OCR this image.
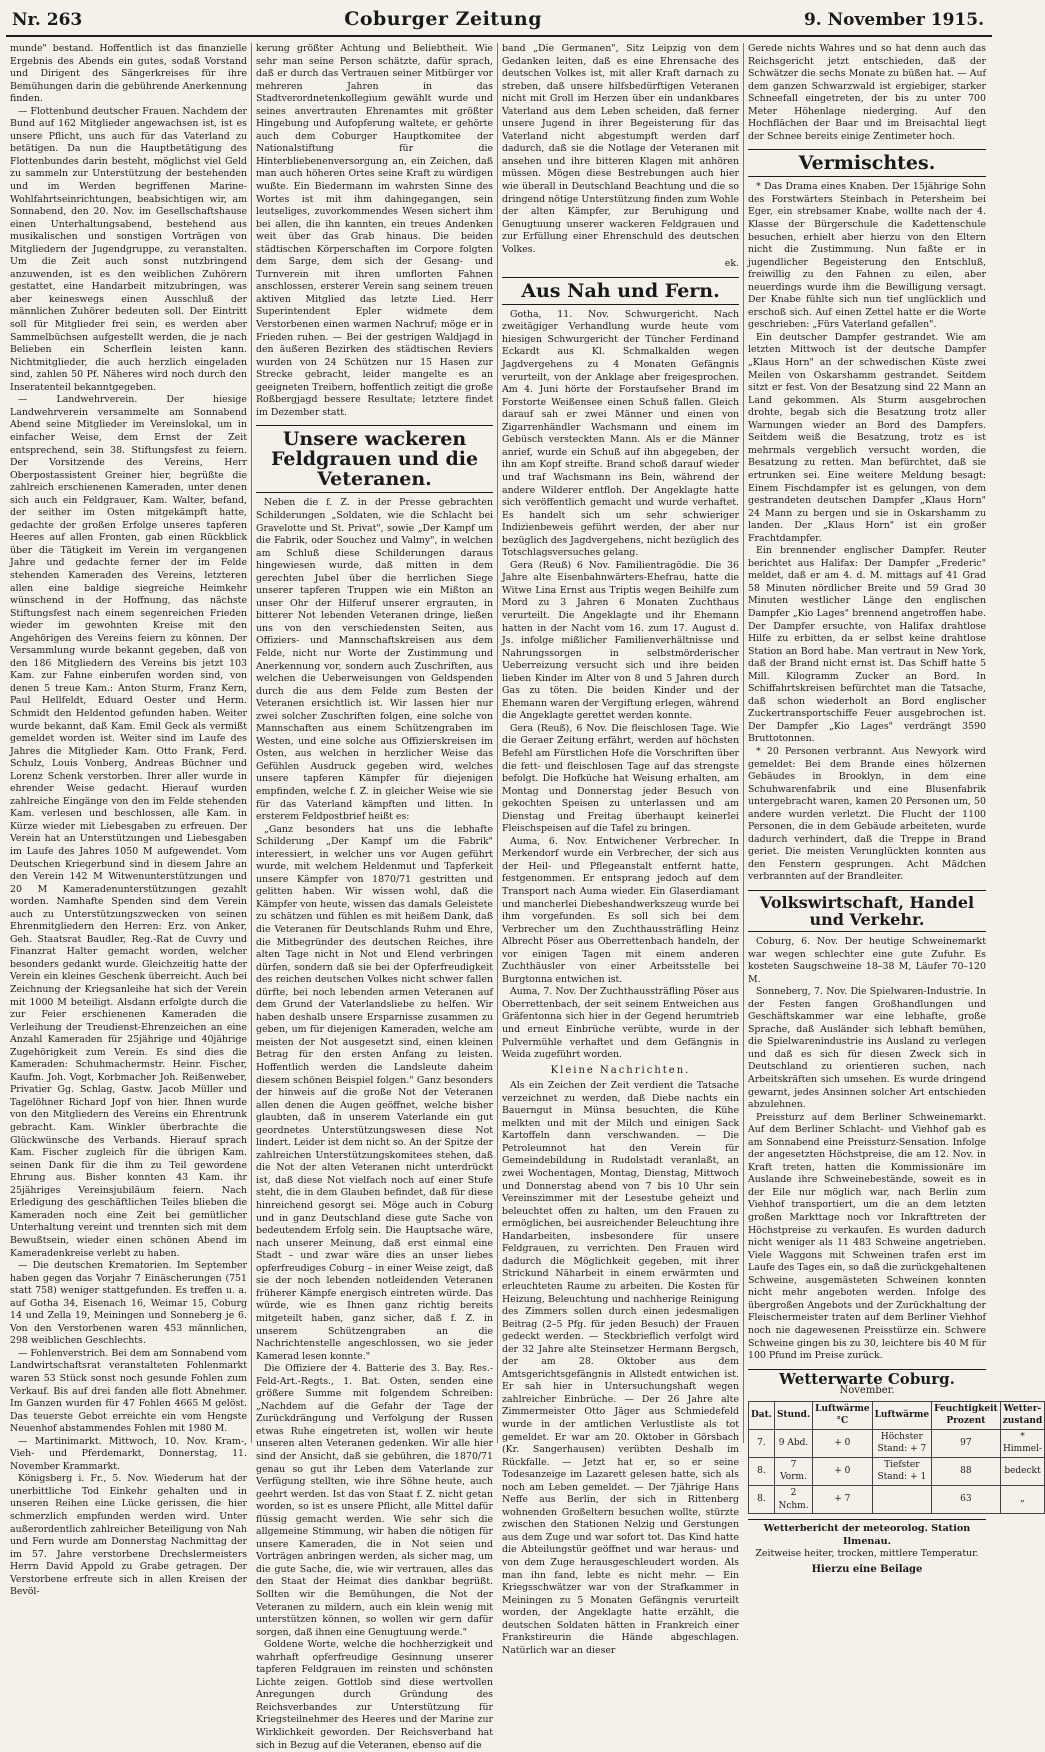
Nr. 263	Coburger Zeitung	9. November 1915.

munde" bestand. Hoffentlich ist das finanzielle Ergebnis des Abends ein gutes, sodaß Vorstand und Dirigent des Sängerkreises für ihre Bemühungen darin die gebührende Anerkennung finden.

— Flottenbund deutscher Frauen. Nachdem der Bund auf 162 Mitglieder angewachsen ist, ist es unsere Pflicht, uns auch für das Vaterland zu betätigen. Da nun die Hauptbetätigung des Flottenbundes darin besteht, möglichst viel Geld zu sammeln zur Unterstützung der bestehenden und im Werden begriffenen Marine-Wohlfahrtseinrichtungen, beabsichtigen wir, am Sonnabend, den 20. Nov. im Gesellschaftshause einen Unterhaltungsabend, bestehend aus musikalischen und sonstigen Vorträgen von Mitgliedern der Jugendgruppe, zu veranstalten. Um die Zeit auch sonst nutzbringend anzuwenden, ist es den weiblichen Zuhörern gestattet, eine Handarbeit mitzubringen, was aber keineswegs einen Ausschluß der männlichen Zuhörer bedeuten soll. Der Eintritt soll für Mitglieder frei sein, es werden aber Sammelbüchsen aufgestellt werden, die je nach Belieben ein Scherflein leisten kann. Nichtmitglieder, die auch herzlich eingeladen sind, zahlen 50 Pf. Näheres wird noch durch den Inseratenteil bekanntgegeben.

— Landwehrverein. Der hiesige Landwehrverein versammelte am Sonnabend Abend seine Mitglieder im Vereinslokal, um in einfacher Weise, dem Ernst der Zeit entsprechend, sein 38. Stiftungsfest zu feiern. Der Vorsitzende des Vereins, Herr Oberpostassistent Greiner hier, begrüßte die zahlreich erschienenen Kameraden, unter denen sich auch ein Feldgrauer, Kam. Walter, befand, der seither im Osten mitgekämpft hatte, gedachte der großen Erfolge unseres tapferen Heeres auf allen Fronten, gab einen Rückblick über die Tätigkeit im Verein im vergangenen Jahre und gedachte ferner der im Felde stehenden Kameraden des Vereins, letzteren allen eine baldige siegreiche Heimkehr wünschend in der Hoffnung, das nächste Stiftungsfest nach einem segenreichen Frieden wieder im gewohnten Kreise mit den Angehörigen des Vereins feiern zu können. Der Versammlung wurde bekannt gegeben, daß von den 186 Mitgliedern des Vereins bis jetzt 103 Kam. zur Fahne einberufen worden sind, von denen 5 treue Kam.: Anton Sturm, Franz Kern, Paul Hellfeldt, Eduard Oester und Herm. Schmidt den Heldentod gefunden haben. Weiter wurde bekannt, daß Kam. Emil Geck als vermißt gemeldet worden ist. Weiter sind im Laufe des Jahres die Mitglieder Kam. Otto Frank, Ferd. Schulz, Louis Vonberg, Andreas Büchner und Lorenz Schenk verstorben. Ihrer aller wurde in ehrender Weise gedacht. Hierauf wurden zahlreiche Eingänge von den im Felde stehenden Kam. verlesen und beschlossen, alle Kam. in Kürze wieder mit Liebesgaben zu erfreuen. Der Verein hat an Unterstützungen und Liebesgaben im Laufe des Jahres 1050 M aufgewendet. Vom Deutschen Kriegerbund sind in diesem Jahre an den Verein 142 M Witwenunterstützungen und 20 M Kameradenunterstützungen gezahlt worden. Namhafte Spenden sind dem Verein auch zu Unterstützungszwecken von seinen Ehrenmitgliedern den Herren: Erz. von Anker, Geh. Staatsrat Baudler, Reg.-Rat de Cuvry und Finanzrat Halter gemacht worden, welcher besonders gedankt wurde. Gleichzeitig hatte der Verein ein kleines Geschenk überreicht. Auch bei Zeichnung der Kriegsanleihe hat sich der Verein mit 1000 M beteiligt. Alsdann erfolgte durch die zur Feier erschienenen Kameraden die Verleihung der Treudienst-Ehrenzeichen an eine Anzahl Kameraden für 25jährige und 40jährige Zugehörigkeit zum Verein. Es sind dies die Kameraden: Schuhmachermstr. Heinr. Fischer, Kaufm. Joh. Vogt, Korbmacher Joh. Reißenweber, Privatier Gg. Schlag, Gastw. Jacob Müller und Tagelöhner Richard Jopf von hier. Ihnen wurde von den Mitgliedern des Vereins ein Ehrentrunk gebracht. Kam. Winkler überbrachte die Glückwünsche des Verbands. Hierauf sprach Kam. Fischer zugleich für die übrigen Kam. seinen Dank für die ihm zu Teil gewordene Ehrung aus. Bisher konnten 43 Kam. ihr 25jähriges Vereinsjubiläum feiern. Nach Erledigung des geschäftlichen Teiles blieben die Kameraden noch eine Zeit bei gemütlicher Unterhaltung vereint und trennten sich mit dem Bewußtsein, wieder einen schönen Abend im Kameradenkreise verlebt zu haben.

— Die deutschen Krematorien. Im September haben gegen das Vorjahr 7 Einäscherungen (751 statt 758) weniger stattgefunden. Es treffen u. a. auf Gotha 34, Eisenach 16, Weimar 15, Coburg 14 und Zella 19, Meiningen und Sonneberg je 6. Von den Verstorbenen waren 453 männlichen, 298 weiblichen Geschlechts.

— Fohlenverstrich. Bei dem am Sonnabend vom Landwirtschaftsrat veranstalteten Fohlenmarkt waren 53 Stück sonst noch gesunde Fohlen zum Verkauf. Bis auf drei fanden alle flott Abnehmer. Im Ganzen wurden für 47 Fohlen 4665 M gelöst. Das teuerste Gebot erreichte ein vom Hengste Neuenhof abstammendes Fohlen mit 1980 M.

— Martinimarkt. Mittwoch, 10. Nov. Kram-, Vieh- und Pferdemarkt, Donnerstag, 11. November Krammarkt.

Königsberg i. Fr., 5. Nov. Wiederum hat der unerbittliche Tod Einkehr gehalten und in unseren Reihen eine Lücke gerissen, die hier schmerzlich empfunden werden wird. Unter außerordentlich zahlreicher Beteiligung von Nah und Fern wurde am Donnerstag Nachmittag der im 57. Jahre verstorbene Drechslermeisters Herrn David Appold zu Grabe getragen. Der Verstorbene erfreute sich in allen Kreisen der Bevöl-

kerung größter Achtung und Beliebtheit. Wie sehr man seine Person schätzte, dafür sprach, daß er durch das Vertrauen seiner Mitbürger vor mehreren Jahren in das Stadtverordnetenkollegium gewählt wurde und seines anvertrauten Ehrenamtes mit größter Hingebung und Aufopferung waltete, er gehörte auch dem Coburger Hauptkomitee der Nationalstiftung für die Hinterbliebenenversorgung an, ein Zeichen, daß man auch höheren Ortes seine Kraft zu würdigen wußte. Ein Biedermann im wahrsten Sinne des Wortes ist mit ihm dahingegangen, sein leutseliges, zuvorkommendes Wesen sichert ihm bei allen, die ihn kannten, ein treues Andenken weit über das Grab hinaus. Die beiden städtischen Körperschaften im Corpore folgten dem Sarge, dem sich der Gesang- und Turnverein mit ihren umflorten Fahnen anschlossen, ersterer Verein sang seinem treuen aktiven Mitglied das letzte Lied. Herr Superintendent Epler widmete dem Verstorbenen einen warmen Nachruf; möge er in Frieden ruhen. — Bei der gestrigen Waldjagd in den äußeren Bezirken des städtischen Reviers wurden von 24 Schützen nur 15 Hasen zur Strecke gebracht, leider mangelte es an geeigneten Treibern, hoffentlich zeitigt die große Roßbergjagd bessere Resultate; letztere findet im Dezember statt.

Unsere wackeren Feldgrauen und die Veteranen.

Neben die f. Z. in der Presse gebrachten Schilderungen „Soldaten, wie die Schlacht bei Gravelotte und St. Privat", sowie „Der Kampf um die Fabrik, oder Souchez und Valmy", in welchen am Schluß diese Schilderungen daraus hingewiesen wurde, daß mitten in dem gerechten Jubel über die herrlichen Siege unserer tapferen Truppen wie ein Mißton an unser Ohr der Hilferuf unserer ergrauten, in bitterer Not lebenden Veteranen dringe, ließen uns von den verschiedensten Seiten, aus Offiziers- und Mannschaftskreisen aus dem Felde, nicht nur Worte der Zustimmung und Anerkennung vor, sondern auch Zuschriften, aus welchen die Ueberweisungen von Geldspenden durch die aus dem Felde zum Besten der Veteranen ersichtlich ist. Wir lassen hier nur zwei solcher Zuschriften folgen, eine solche von Mannschaften aus einem Schützengraben im Westen, und eine solche aus Offizierskreisen im Osten, aus welchen in herzlicher Weise das Gefühlen Ausdruck gegeben wird, welches unsere tapferen Kämpfer für diejenigen empfinden, welche f. Z. in gleicher Weise wie sie für das Vaterland kämpften und litten. In ersterem Feldpostbrief heißt es:

„Ganz besonders hat uns die lebhafte Schilderung „Der Kampf um die Fabrik" interessiert, in welcher uns vor Augen geführt wurde, mit welchem Heldenmut und Tapferkeit unsere Kämpfer von 1870/71 gestritten und gelitten haben. Wir wissen wohl, daß die Kämpfer von heute, wissen das damals Geleistete zu schätzen und fühlen es mit heißem Dank, daß die Veteranen für Deutschlands Ruhm und Ehre, die Mitbegründer des deutschen Reiches, ihre alten Tage nicht in Not und Elend verbringen dürfen, sondern daß sie bei der Opferfreudigkeit des reichen deutschen Volkes nicht schwer fallen dürfte, bei noch lebenden armen Veteranen auf dem Grund der Vaterlandsliebe zu helfen. Wir haben deshalb unsere Ersparnisse zusammen zu geben, um für diejenigen Kameraden, welche am meisten der Not ausgesetzt sind, einen kleinen Betrag für den ersten Anfang zu leisten. Hoffentlich werden die Landsleute daheim diesem schönen Beispiel folgen." Ganz besonders der hinweis auf die große Not der Veteranen allen denen die Augen geöffnet, welche bisher glaubten, daß in unserem Vaterlande ein gut geordnetes Unterstützungswesen diese Not lindert. Leider ist dem nicht so. An der Spitze der zahlreichen Unterstützungskomitees stehen, daß die Not der alten Veteranen nicht unterdrückt ist, daß diese Not vielfach noch auf einer Stufe steht, die in dem Glauben befindet, daß für diese hinreichend gesorgt sei. Möge auch in Coburg und in ganz Deutschland diese gute Sache von bedeutendem Erfolg sein. Die Hauptsache wäre, nach unserer Meinung, daß erst einmal eine Stadt – und zwar wäre dies an unser liebes opferfreudiges Coburg – in einer Weise zeigt, daß sie der noch lebenden notleidenden Veteranen früherer Kämpfe energisch eintreten würde. Das würde, wie es Ihnen ganz richtig bereits mitgeteilt haben, ganz sicher, daß f. Z. in unserem Schützengraben an die Nachrichtenstelle angeschlossen, wo sie jeder Kamerad lesen konnte."

Die Offiziere der 4. Batterie des 3. Bay. Res.-Feld-Art.-Regts., 1. Bat. Osten, senden eine größere Summe mit folgendem Schreiben: „Nachdem auf die Gefahr der Tage der Zurückdrängung und Verfolgung der Russen etwas Ruhe eingetreten ist, wollen wir heute unseren alten Veteranen gedenken. Wir alle hier sind der Ansicht, daß sie gebühren, die 1870/71 genau so gut ihr Leben dem Vaterlande zur Verfügung stellten, wie ihre Söhne heute, auch geehrt werden. Ist das von Staat f. Z. nicht getan worden, so ist es unsere Pflicht, alle Mittel dafür flüssig gemacht werden. Wie sehr sich die allgemeine Stimmung, wir haben die nötigen für unsere Kameraden, die in Not seien und Vorträgen anbringen werden, als sicher mag, um die gute Sache, die, wie wir vertrauen, alles das den Staat der Heimat dies dankbar begrüßt. Sollten wir die Bemühungen, die Not der Veteranen zu mildern, auch ein klein wenig mit unterstützen können, so wollen wir gern dafür sorgen, daß ihnen eine Genugtuung werde."

Goldene Worte, welche die hochherzigkeit und wahrhaft opferfreudige Gesinnung unserer tapferen Feldgrauen im reinsten und schönsten Lichte zeigen. Gottlob sind diese wertvollen Anregungen durch Gründung des Reichsverbandes zur Unterstützung für Kriegsteilnehmer des Heeres und der Marine zur Wirklichkeit geworden. Der Reichsverband hat sich in Bezug auf die Veteranen, ebenso auf die

band „Die Germanen", Sitz Leipzig von dem Gedanken leiten, daß es eine Ehrensache des deutschen Volkes ist, mit aller Kraft darnach zu streben, daß unsere hilfsbedürftigen Veteranen nicht mit Groll im Herzen über ein undankbares Vaterland aus dem Leben scheiden, daß ferner unsere Jugend in ihrer Begeisterung für das Vaterland nicht abgestumpft werden darf dadurch, daß sie die Notlage der Veteranen mit ansehen und ihre bitteren Klagen mit anhören müssen. Mögen diese Bestrebungen auch hier wie überall in Deutschland Beachtung und die so dringend nötige Unterstützung finden zum Wohle der alten Kämpfer, zur Beruhigung und Genugtuung unserer wackeren Feldgrauen und zur Erfüllung einer Ehrenschuld des deutschen Volkes.

ek.
Aus Nah und Fern.

Gotha, 11. Nov. Schwurgericht. Nach zweitägiger Verhandlung wurde heute vom hiesigen Schwurgericht der Tüncher Ferdinand Eckardt aus Kl. Schmalkalden wegen Jagdvergehens zu 4 Monaten Gefängnis verurteilt, von der Anklage aber freigesprochen. Am 4. Juni hörte der Forstaufseher Brand im Forstorte Weißensee einen Schuß fallen. Gleich darauf sah er zwei Männer und einen von Zigarrenhändler Wachsmann und einem im Gebüsch versteckten Mann. Als er die Männer anrief, wurde ein Schuß auf ihn abgegeben, der ihn am Kopf streifte. Brand schoß darauf wieder und traf Wachsmann ins Bein, während der andere Wilderer entfloh. Der Angeklagte hatte sich veröffentlich gemacht und wurde verhaftet. Es handelt sich um sehr schwieriger Indizienbeweis geführt werden, der aber nur bezüglich des Jagdvergehens, nicht bezüglich des Totschlagsversuches gelang.

Gera (Reuß) 6 Nov. Familientragödie. Die 36 Jahre alte Eisenbahnwärters-Ehefrau, hatte die Witwe Lina Ernst aus Triptis wegen Beihilfe zum Mord zu 3 Jahren 6 Monaten Zuchthaus verurteilt. Die Angeklagte und ihr Ehemann hatten in der Nacht vom 16. zum 17. August d. Js. infolge mißlicher Familienverhältnisse und Nahrungssorgen in selbstmörderischer Ueberreizung versucht sich und ihre beiden lieben Kinder im Alter von 8 und 5 Jahren durch Gas zu töten. Die beiden Kinder und der Ehemann waren der Vergiftung erlegen, während die Angeklagte gerettet werden konnte.

Gera (Reuß), 6 Nov. Die fleischlosen Tage. Wie die Geraer Zeitung erfährt, werden auf höchsten Befehl am Fürstlichen Hofe die Vorschriften über die fett- und fleischlosen Tage auf das strengste befolgt. Die Hofküche hat Weisung erhalten, am Montag und Donnerstag jeder Besuch von gekochten Speisen zu unterlassen und am Dienstag und Freitag überhaupt keinerlei Fleischspeisen auf die Tafel zu bringen.

Auma, 6. Nov. Entwichener Verbrecher. In Merkendorf wurde ein Verbrecher, der sich aus der Heil- und Pflegeanstalt entfernt hatte, festgenommen. Er entsprang jedoch auf dem Transport nach Auma wieder. Ein Glaserdiamant und mancherlei Diebeshandwerkszeug wurde bei ihm vorgefunden. Es soll sich bei dem Verbrecher um den Zuchthaussträfling Heinz Albrecht Pöser aus Oberrettenbach handeln, der vor einigen Tagen mit einem anderen Zuchthäusler von einer Arbeitsstelle bei Burgtonna entwichen ist.

Auma, 7. Nov. Der Zuchthaussträfling Pöser aus Oberrettenbach, der seit seinem Entweichen aus Gräfentonna sich hier in der Gegend herumtrieb und erneut Einbrüche verübte, wurde in der Pulvermühle verhaftet und dem Gefängnis in Weida zugeführt worden.

Kleine Nachrichten.

Als ein Zeichen der Zeit verdient die Tatsache verzeichnet zu werden, daß Diebe nachts ein Bauerngut in Münsa besuchten, die Kühe melkten und mit der Milch und einigen Sack Kartoffeln dann verschwanden. — Die Petroleumnot hat den Verein für Gemeindebildung in Rudolstadt veranlaßt, an zwei Wochentagen, Montag, Dienstag, Mittwoch und Donnerstag abend von 7 bis 10 Uhr sein Vereinszimmer mit der Lesestube geheizt und beleuchtet offen zu halten, um den Frauen zu ermöglichen, bei ausreichender Beleuchtung ihre Handarbeiten, insbesondere für unsere Feldgrauen, zu verrichten. Den Frauen wird dadurch die Möglichkeit gegeben, mit ihrer Strickund Näharbeit in einem erwärmten und erleuchteten Raume zu arbeiten. Die Kosten für Heizung, Beleuchtung und nachherige Reinigung des Zimmers sollen durch einen jedesmaligen Beitrag (2–5 Pfg. für jeden Besuch) der Frauen gedeckt werden. — Steckbrieflich verfolgt wird der 32 Jahre alte Steinsetzer Hermann Bergsch, der am 28. Oktober aus dem Amtsgerichtsgefängnis in Allstedt entwichen ist. Er sah hier in Untersuchungshaft wegen zahlreicher Einbrüche. — Der 26 Jahre alte Zimmermeister Otto Jäger aus Schmiedefeld wurde in der amtlichen Verlustliste als tot gemeldet. Er war am 20. Oktober in Görsbach (Kr. Sangerhausen) verübten Deshalb im Rückfalle. — Jetzt hat er, so er seine Todesanzeige im Lazarett gelesen hatte, sich als noch am Leben gemeldet. — Der 7jährige Hans Neffe aus Berlin, der sich in Rittenberg wohnenden Großeltern besuchen wollte, stürzte zwischen den Stationen Nelzig und Gerstungen aus dem Zuge und war sofort tot. Das Kind hatte die Abteilungstür geöffnet und war heraus- und von dem Zuge herausgeschleudert worden. Als man ihn fand, lebte es nicht mehr. — Ein Kriegsschwätzer war von der Strafkammer in Meiningen zu 5 Monaten Gefängnis verurteilt worden, der Angeklagte hatte erzählt, die deutschen Soldaten hätten in Frankreich einer Frankstireurin die Hände abgeschlagen. Natürlich war an dieser

Gerede nichts Wahres und so hat denn auch das Reichsgericht jetzt entschieden, daß der Schwätzer die sechs Monate zu büßen hat. — Auf dem ganzen Schwarzwald ist ergiebiger, starker Schneefall eingetreten, der bis zu unter 700 Meter Höhenlage niederging. Auf den Hochflächen der Baar und im Breisachtal liegt der Schnee bereits einige Zentimeter hoch.

Vermischtes.

* Das Drama eines Knaben. Der 15jährige Sohn des Forstwärters Steinbach in Petersheim bei Eger, ein strebsamer Knabe, wollte nach der 4. Klasse der Bürgerschule die Kadettenschule besuchen, erhielt aber hierzu von den Eltern nicht die Zustimmung. Nun faßte er in jugendlicher Begeisterung den Entschluß, freiwillig zu den Fahnen zu eilen, aber neuerdings wurde ihm die Bewilligung versagt. Der Knabe fühlte sich nun tief unglücklich und erschoß sich. Auf einen Zettel hatte er die Worte geschrieben: „Fürs Vaterland gefallen".

Ein deutscher Dampfer gestrandet. Wie am letzten Mittwoch ist der deutsche Dampfer „Klaus Horn" an der schwedischen Küste zwei Meilen von Oskarshamm gestrandet. Seitdem sitzt er fest. Von der Besatzung sind 22 Mann an Land gekommen. Als Sturm ausgebrochen drohte, begab sich die Besatzung trotz aller Warnungen wieder an Bord des Dampfers. Seitdem weiß die Besatzung, trotz es ist mehrmals vergeblich versucht worden, die Besatzung zu retten. Man befürchtet, daß sie ertrunken sei. Eine weitere Meldung besagt: Einem Fischdampfer ist es gelungen, von dem gestrandeten deutschen Dampfer „Klaus Horn" 24 Mann zu bergen und sie in Oskarshamm zu landen. Der „Klaus Horn" ist ein großer Frachtdampfer.

Ein brennender englischer Dampfer. Reuter berichtet aus Halifax: Der Dampfer „Frederic" meldet, daß er am 4. d. M. mittags auf 41 Grad 58 Minuten nördlicher Breite und 59 Grad 30 Minuten westlicher Länge den englischen Dampfer „Kio Lages" brennend angetroffen habe. Der Dampfer ersuchte, von Halifax drahtlose Hilfe zu erbitten, da er selbst keine drahtlose Station an Bord habe. Man vertraut in New York, daß der Brand nicht ernst ist. Das Schiff hatte 5 Mill. Kilogramm Zucker an Bord. In Schiffahrtskreisen befürchtet man die Tatsache, daß schon wiederholt an Bord englischer Zuckertransportschiffe Feuer ausgebrochen ist. Der Dampfer „Kio Lages" verdrängt 3590 Bruttotonnen.

* 20 Personen verbrannt. Aus Newyork wird gemeldet: Bei dem Brande eines hölzernen Gebäudes in Brooklyn, in dem eine Schuhwarenfabrik und eine Blusenfabrik untergebracht waren, kamen 20 Personen um, 50 andere wurden verletzt. Die Flucht der 1100 Personen, die in dem Gebäude arbeiteten, wurde dadurch verhindert, daß die Treppe in Brand geriet. Die meisten Verunglückten konnten aus den Fenstern gesprungen. Acht Mädchen verbrannten auf der Brandleiter.

Volkswirtschaft, Handel und Verkehr.

Coburg, 6. Nov. Der heutige Schweinemarkt war wegen schlechter eine gute Zufuhr. Es kosteten Saugschweine 18–38 M, Läufer 70–120 M.

Sonneberg, 7. Nov. Die Spielwaren-Industrie. In der Festen fangen Großhandlungen und Geschäftskammer war eine lebhafte, große Sprache, daß Ausländer sich lebhaft bemühen, die Spielwarenindustrie ins Ausland zu verlegen und daß es sich für diesen Zweck sich in Deutschland zu orientieren suchen, nach Arbeitskräften sich umsehen. Es wurde dringend gewarnt, jedes Ansinnen solcher Art entschieden abzulehnen.

Preissturz auf dem Berliner Schweinemarkt. Auf dem Berliner Schlacht- und Viehhof gab es am Sonnabend eine Preissturz-Sensation. Infolge der angesetzten Höchstpreise, die am 12. Nov. in Kraft treten, hatten die Kommissionäre im Auslande ihre Schweinebestände, soweit es in der Eile nur möglich war, nach Berlin zum Viehhof transportiert, um die an dem letzten großen Markttage noch vor Inkrafttreten der Höchstpreise zu verkaufen. Es wurden dadurch nicht weniger als 11 483 Schweine angetrieben. Viele Waggons mit Schweinen trafen erst im Laufe des Tages ein, so daß die zurückgehaltenen Schweine, ausgemästeten Schweinen konnten nicht mehr angeboten werden. Infolge des übergroßen Angebots und der Zurückhaltung der Fleischermeister traten auf dem Berliner Viehhof noch nie dagewesenen Preisstürze ein. Schwere Schweine gingen bis zu 30, leichtere bis 40 M für 100 Pfund im Preise zurück.

Wetterwarte Coburg.
November.
Dat.	Stund.	Luftwärme °C	Luftwärme	Feuchtigkeit Prozent	Wetter-zustand
7.	9 Abd.	+ 0	Höchster Stand: + 7	97	* Himmel-
8.	7 Vorm.	+ 0	Tiefster Stand: + 1	88	bedeckt
8.	2 Nchm.	+ 7		63	„
Wetterbericht der meteorolog. Station Ilmenau.
Zeitweise heiter, trocken, mittlere Temperatur.
Hierzu eine Beilage
